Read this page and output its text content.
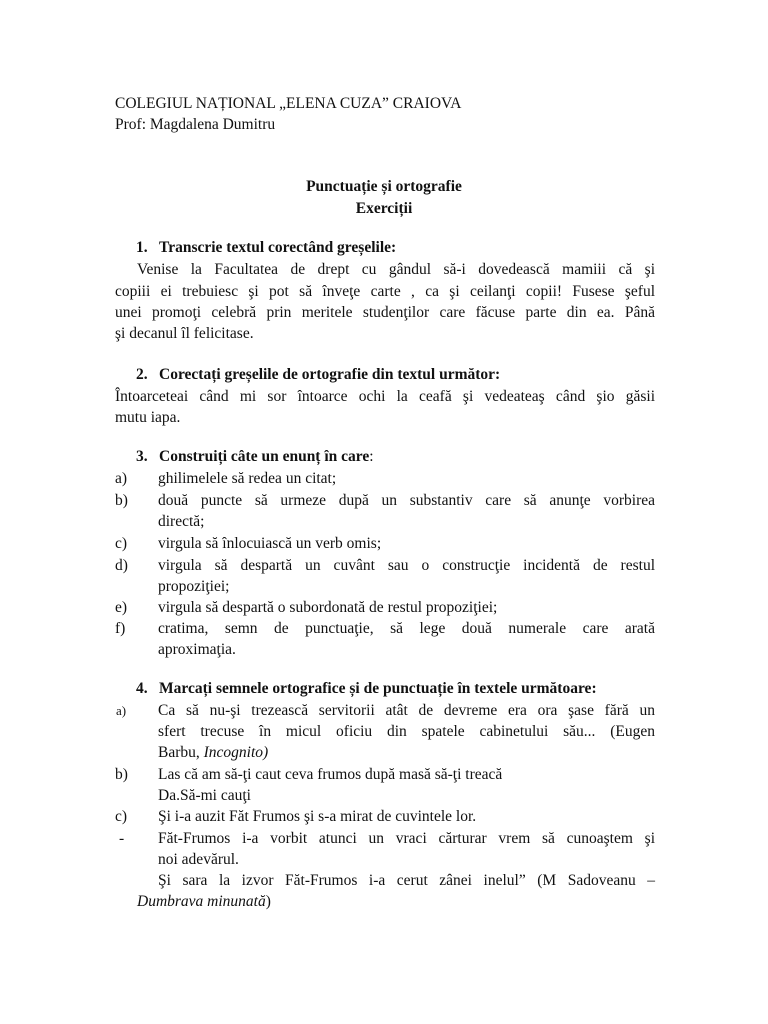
COLEGIUL NAȚIONAL „ELENA CUZA” CRAIOVA
Prof: Magdalena Dumitru
Punctuație și ortografie
Exerciții
1. Transcrie textul corectând greșelile:
Venise la Facultatea de drept cu gândul să-i dovedească mamiii că şi
copiii ei trebuiesc şi pot să înveţe carte , ca şi ceilanţi copii! Fusese şeful
unei promoţi celebră prin meritele studenţilor care făcuse parte din ea. Până
şi decanul îl felicitase.
2. Corectați greșelile de ortografie din textul următor:
Întoarceteai când mi sor întoarce ochi la ceafă şi vedeateaş când şio găsii
mutu iapa.
3. Construiți câte un enunț în care:
a) ghilimelele să redea un citat;
b) două puncte să urmeze după un substantiv care să anunţe vorbirea
directă;
c) virgula să înlocuiască un verb omis;
d) virgula să despartă un cuvânt sau o construcţie incidentă de restul
propoziţiei;
e) virgula să despartă o subordonată de restul propoziţiei;
f) cratima, semn de punctuaţie, să lege două numerale care arată
aproximaţia.
4. Marcați semnele ortografice și de punctuație în textele următoare:
a) Ca să nu-şi trezească servitorii atât de devreme era ora şase fără un
sfert trecuse în micul oficiu din spatele cabinetului său... (Eugen
Barbu, Incognito)
b) Las că am să-ţi caut ceva frumos după masă să-ţi treacă
Da.Să-mi cauţi
c) Şi i-a auzit Făt Frumos şi s-a mirat de cuvintele lor.
- Făt-Frumos i-a vorbit atunci un vraci cărturar vrem să cunoaştem şi
noi adevărul.
Şi sara la izvor Făt-Frumos i-a cerut zânei inelul” (M Sadoveanu –
Dumbrava minunată)
